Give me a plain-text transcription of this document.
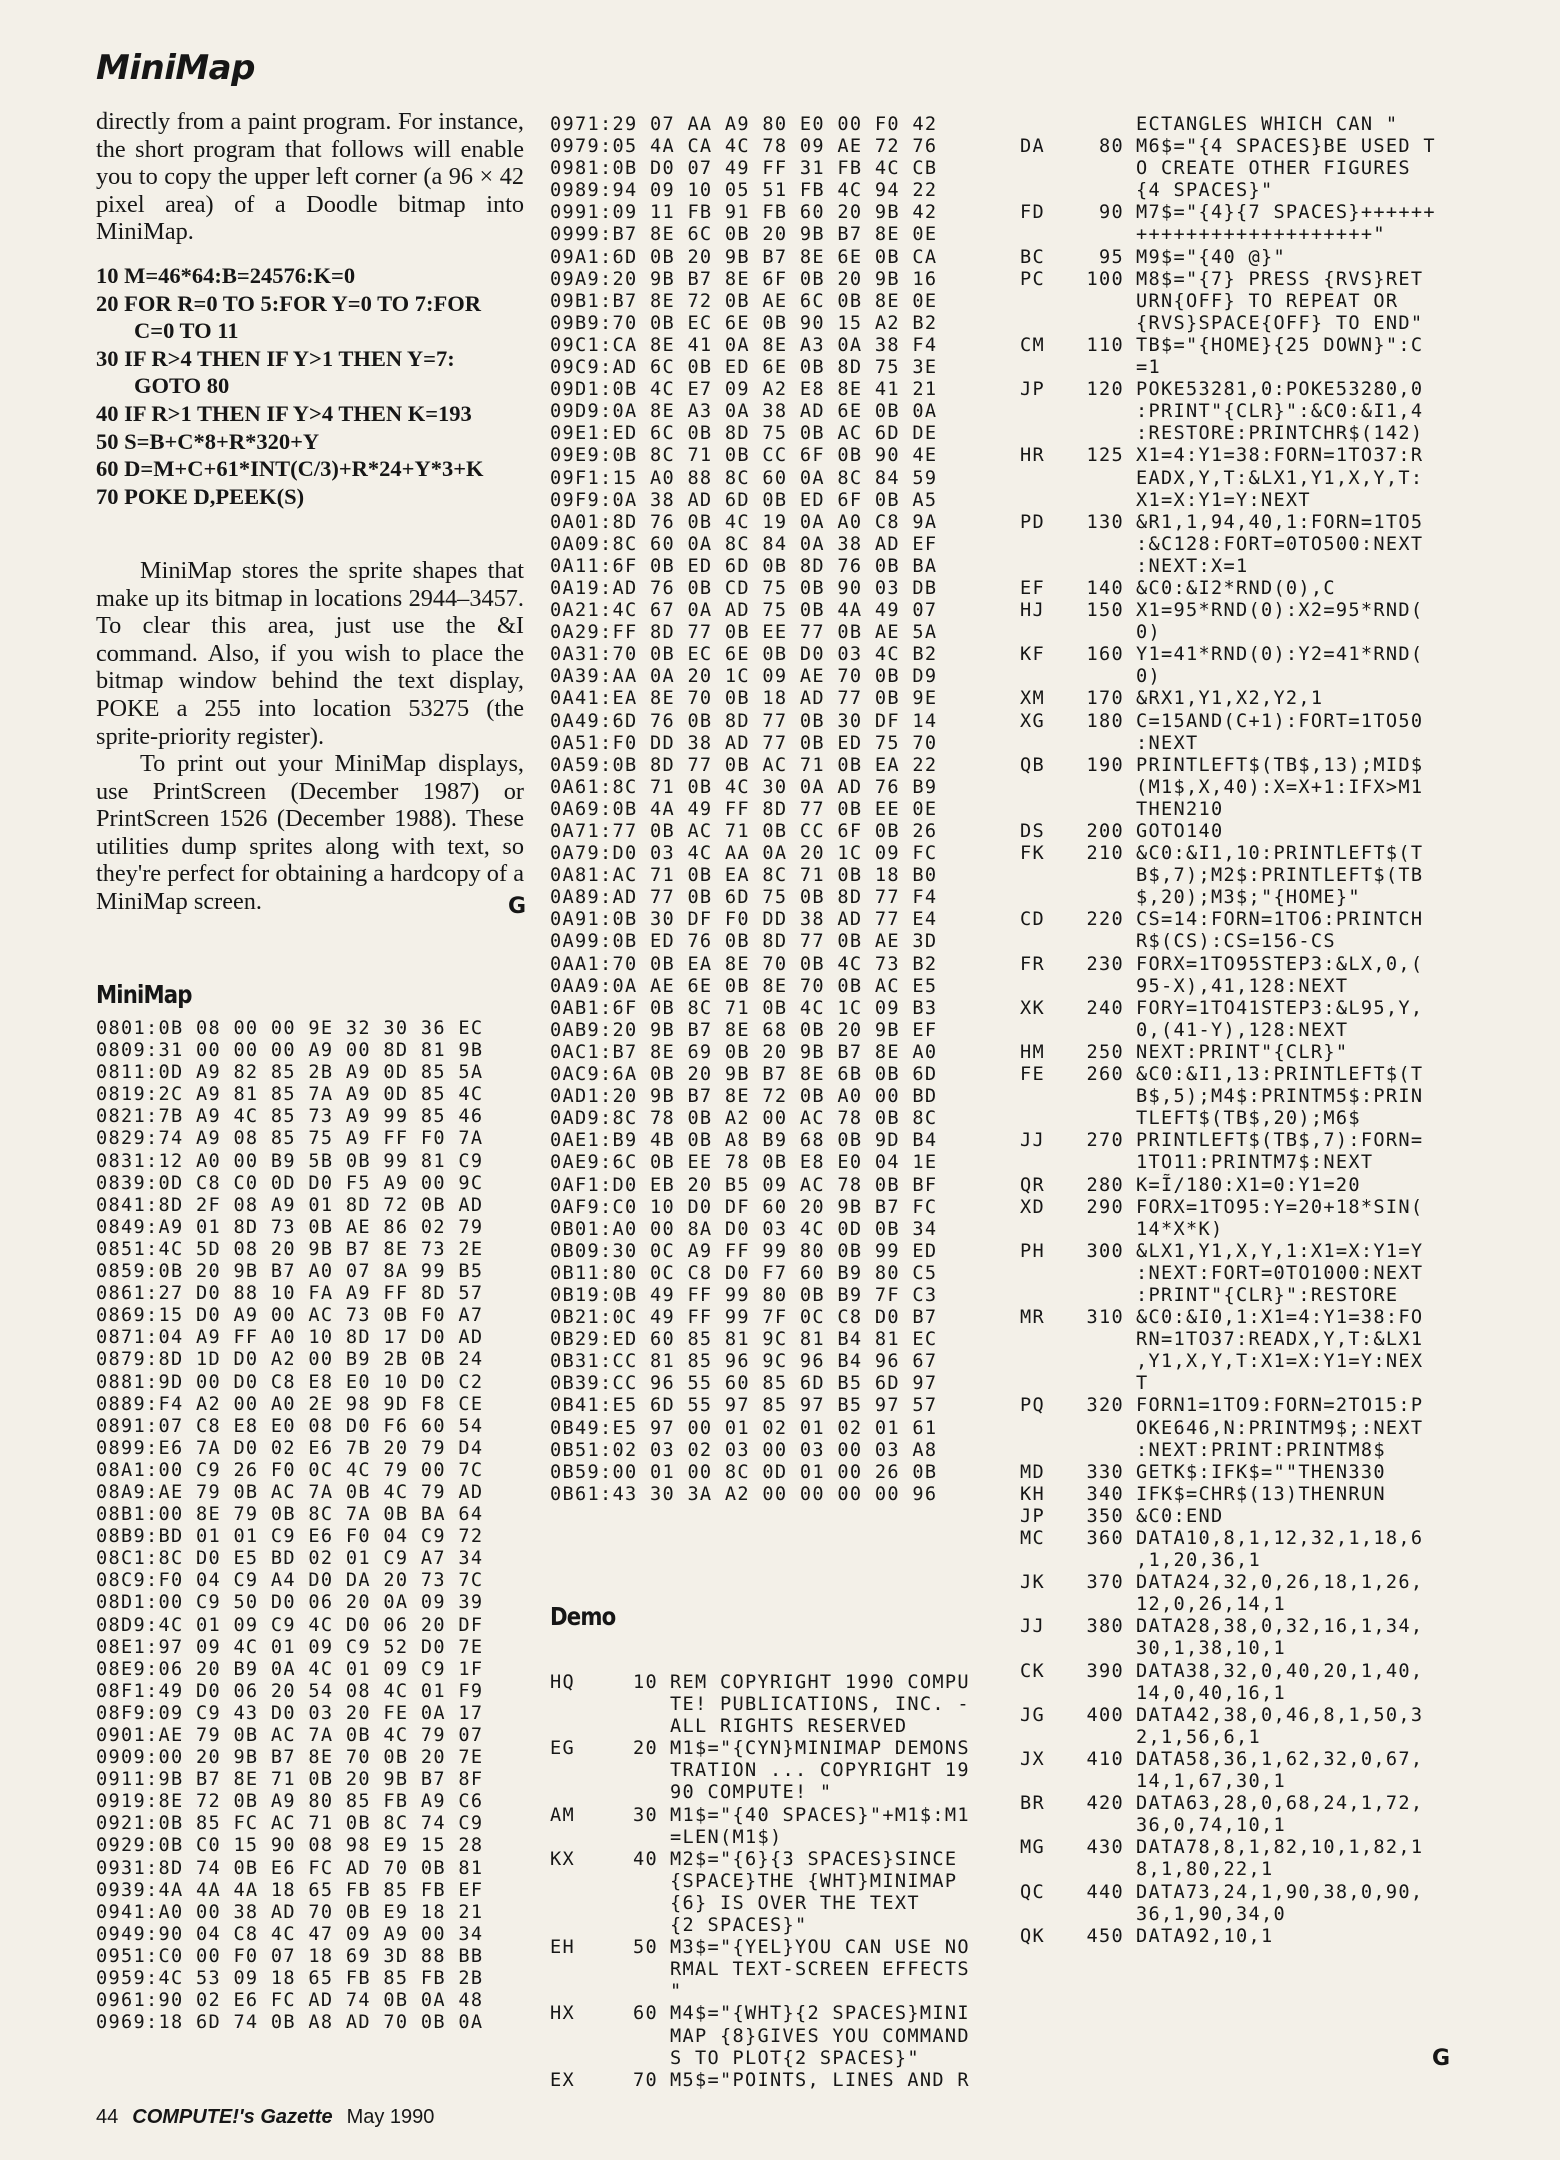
MiniMap

directly from a paint program. For instance, the short program that follows will enable you to copy the upper left corner (a 96 × 42 pixel area) of a Doodle bitmap into MiniMap.

10 M=46*64:B=24576:K=0
20 FOR R=0 TO 5:FOR Y=0 TO 7:FOR C=0 TO 11
30 IF R>4 THEN IF Y>1 THEN Y=7: GOTO 80
40 IF R>1 THEN IF Y>4 THEN K=193
50 S=B+C*8+R*320+Y
60 D=M+C+61*INT(C/3)+R*24+Y*3+K
70 POKE D,PEEK(S)

MiniMap stores the sprite shapes that make up its bitmap in locations 2944–3457. To clear this area, just use the &I command. Also, if you wish to place the bitmap window behind the text display, POKE a 255 into location 53275 (the sprite-priority register).

To print out your MiniMap displays, use PrintScreen (December 1987) or PrintScreen 1526 (December 1988). These utilities dump sprites along with text, so they're perfect for obtaining a hardcopy of a MiniMap screen.	G
MiniMap
0801:0B 08 00 00 9E 32 30 36 EC
0809:31 00 00 00 A9 00 8D 81 9B
0811:0D A9 82 85 2B A9 0D 85 5A
0819:2C A9 81 85 7A A9 0D 85 4C
0821:7B A9 4C 85 73 A9 99 85 46
0829:74 A9 08 85 75 A9 FF F0 7A
0831:12 A0 00 B9 5B 0B 99 81 C9
0839:0D C8 C0 0D D0 F5 A9 00 9C
0841:8D 2F 08 A9 01 8D 72 0B AD
0849:A9 01 8D 73 0B AE 86 02 79
0851:4C 5D 08 20 9B B7 8E 73 2E
0859:0B 20 9B B7 A0 07 8A 99 B5
0861:27 D0 88 10 FA A9 FF 8D 57
0869:15 D0 A9 00 AC 73 0B F0 A7
0871:04 A9 FF A0 10 8D 17 D0 AD
0879:8D 1D D0 A2 00 B9 2B 0B 24
0881:9D 00 D0 C8 E8 E0 10 D0 C2
0889:F4 A2 00 A0 2E 98 9D F8 CE
0891:07 C8 E8 E0 08 D0 F6 60 54
0899:E6 7A D0 02 E6 7B 20 79 D4
08A1:00 C9 26 F0 0C 4C 79 00 7C
08A9:AE 79 0B AC 7A 0B 4C 79 AD
08B1:00 8E 79 0B 8C 7A 0B BA 64
08B9:BD 01 01 C9 E6 F0 04 C9 72
08C1:8C D0 E5 BD 02 01 C9 A7 34
08C9:F0 04 C9 A4 D0 DA 20 73 7C
08D1:00 C9 50 D0 06 20 0A 09 39
08D9:4C 01 09 C9 4C D0 06 20 DF
08E1:97 09 4C 01 09 C9 52 D0 7E
08E9:06 20 B9 0A 4C 01 09 C9 1F
08F1:49 D0 06 20 54 08 4C 01 F9
08F9:09 C9 43 D0 03 20 FE 0A 17
0901:AE 79 0B AC 7A 0B 4C 79 07
0909:00 20 9B B7 8E 70 0B 20 7E
0911:9B B7 8E 71 0B 20 9B B7 8F
0919:8E 72 0B A9 80 85 FB A9 C6
0921:0B 85 FC AC 71 0B 8C 74 C9
0929:0B C0 15 90 08 98 E9 15 28
0931:8D 74 0B E6 FC AD 70 0B 81
0939:4A 4A 4A 18 65 FB 85 FB EF
0941:A0 00 38 AD 70 0B E9 18 21
0949:90 04 C8 4C 47 09 A9 00 34
0951:C0 00 F0 07 18 69 3D 88 BB
0959:4C 53 09 18 65 FB 85 FB 2B
0961:90 02 E6 FC AD 74 0B 0A 48
0969:18 6D 74 0B A8 AD 70 0B 0A
0971:29 07 AA A9 80 E0 00 F0 42
0979:05 4A CA 4C 78 09 AE 72 76
0981:0B D0 07 49 FF 31 FB 4C CB
0989:94 09 10 05 51 FB 4C 94 22
0991:09 11 FB 91 FB 60 20 9B 42
0999:B7 8E 6C 0B 20 9B B7 8E 0E
09A1:6D 0B 20 9B B7 8E 6E 0B CA
09A9:20 9B B7 8E 6F 0B 20 9B 16
09B1:B7 8E 72 0B AE 6C 0B 8E 0E
09B9:70 0B EC 6E 0B 90 15 A2 B2
09C1:CA 8E 41 0A 8E A3 0A 38 F4
09C9:AD 6C 0B ED 6E 0B 8D 75 3E
09D1:0B 4C E7 09 A2 E8 8E 41 21
09D9:0A 8E A3 0A 38 AD 6E 0B 0A
09E1:ED 6C 0B 8D 75 0B AC 6D DE
09E9:0B 8C 71 0B CC 6F 0B 90 4E
09F1:15 A0 88 8C 60 0A 8C 84 59
09F9:0A 38 AD 6D 0B ED 6F 0B A5
0A01:8D 76 0B 4C 19 0A A0 C8 9A
0A09:8C 60 0A 8C 84 0A 38 AD EF
0A11:6F 0B ED 6D 0B 8D 76 0B BA
0A19:AD 76 0B CD 75 0B 90 03 DB
0A21:4C 67 0A AD 75 0B 4A 49 07
0A29:FF 8D 77 0B EE 77 0B AE 5A
0A31:70 0B EC 6E 0B D0 03 4C B2
0A39:AA 0A 20 1C 09 AE 70 0B D9
0A41:EA 8E 70 0B 18 AD 77 0B 9E
0A49:6D 76 0B 8D 77 0B 30 DF 14
0A51:F0 DD 38 AD 77 0B ED 75 70
0A59:0B 8D 77 0B AC 71 0B EA 22
0A61:8C 71 0B 4C 30 0A AD 76 B9
0A69:0B 4A 49 FF 8D 77 0B EE 0E
0A71:77 0B AC 71 0B CC 6F 0B 26
0A79:D0 03 4C AA 0A 20 1C 09 FC
0A81:AC 71 0B EA 8C 71 0B 18 B0
0A89:AD 77 0B 6D 75 0B 8D 77 F4
0A91:0B 30 DF F0 DD 38 AD 77 E4
0A99:0B ED 76 0B 8D 77 0B AE 3D
0AA1:70 0B EA 8E 70 0B 4C 73 B2
0AA9:0A AE 6E 0B 8E 70 0B AC E5
0AB1:6F 0B 8C 71 0B 4C 1C 09 B3
0AB9:20 9B B7 8E 68 0B 20 9B EF
0AC1:B7 8E 69 0B 20 9B B7 8E A0
0AC9:6A 0B 20 9B B7 8E 6B 0B 6D
0AD1:20 9B B7 8E 72 0B A0 00 BD
0AD9:8C 78 0B A2 00 AC 78 0B 8C
0AE1:B9 4B 0B A8 B9 68 0B 9D B4
0AE9:6C 0B EE 78 0B E8 E0 04 1E
0AF1:D0 EB 20 B5 09 AC 78 0B BF
0AF9:C0 10 D0 DF 60 20 9B B7 FC
0B01:A0 00 8A D0 03 4C 0D 0B 34
0B09:30 0C A9 FF 99 80 0B 99 ED
0B11:80 0C C8 D0 F7 60 B9 80 C5
0B19:0B 49 FF 99 80 0B B9 7F C3
0B21:0C 49 FF 99 7F 0C C8 D0 B7
0B29:ED 60 85 81 9C 81 B4 81 EC
0B31:CC 81 85 96 9C 96 B4 96 67
0B39:CC 96 55 60 85 6D B5 6D 97
0B41:E5 6D 55 97 85 97 B5 97 57
0B49:E5 97 00 01 02 01 02 01 61
0B51:02 03 02 03 00 03 00 03 A8
0B59:00 01 00 8C 0D 01 00 26 0B
0B61:43 30 3A A2 00 00 00 00 96
Demo
HQ	10 REM COPYRIGHT 1990 COMPU
TE! PUBLICATIONS, INC. -
ALL RIGHTS RESERVED
EG	20 M1$="{CYN}MINIMAP DEMONS
TRATION ... COPYRIGHT 19
90 COMPUTE! "
AM	30 M1$="{40 SPACES}"+M1$:M1
=LEN(M1$)
KX	40 M2$="{6}{3 SPACES}SINCE
{SPACE}THE {WHT}MINIMAP
{6} IS OVER THE TEXT
{2 SPACES}"
EH	50 M3$="{YEL}YOU CAN USE NO
RMAL TEXT-SCREEN EFFECTS
"
HX	60 M4$="{WHT}{2 SPACES}MINI
MAP {8}GIVES YOU COMMAND
S TO PLOT{2 SPACES}"
EX	70 M5$="POINTS, LINES AND R
ECTANGLES WHICH CAN "
DA	80 M6$="{4 SPACES}BE USED T
O CREATE OTHER FIGURES
{4 SPACES}"
FD	90 M7$="{4}{7 SPACES}++++++
+++++++++++++++++++"
BC	95 M9$="{40 @}"
PC	100 M8$="{7} PRESS {RVS}RET
URN{OFF} TO REPEAT OR
{RVS}SPACE{OFF} TO END"
CM	110 TB$="{HOME}{25 DOWN}":C
=1
JP	120 POKE53281,0:POKE53280,0
:PRINT"{CLR}":&C0:&I1,4
:RESTORE:PRINTCHR$(142)
HR	125 X1=4:Y1=38:FORN=1TO37:R
EADX,Y,T:&LX1,Y1,X,Y,T:
X1=X:Y1=Y:NEXT
PD	130 &R1,1,94,40,1:FORN=1TO5
:&C128:FORT=0TO500:NEXT
:NEXT:X=1
EF	140 &C0:&I2*RND(0),C
HJ	150 X1=95*RND(0):X2=95*RND(
0)
KF	160 Y1=41*RND(0):Y2=41*RND(
0)
XM	170 &RX1,Y1,X2,Y2,1
XG	180 C=15AND(C+1):FORT=1TO50
:NEXT
QB	190 PRINTLEFT$(TB$,13);MID$
(M1$,X,40):X=X+1:IFX>M1
THEN210
DS	200 GOTO140
FK	210 &C0:&I1,10:PRINTLEFT$(T
B$,7);M2$:PRINTLEFT$(TB
$,20);M3$;"{HOME}"
CD	220 CS=14:FORN=1TO6:PRINTCH
R$(CS):CS=156-CS
FR	230 FORX=1TO95STEP3:&LX,0,(
95-X),41,128:NEXT
XK	240 FORY=1TO41STEP3:&L95,Y,
0,(41-Y),128:NEXT
HM	250 NEXT:PRINT"{CLR}"
FE	260 &C0:&I1,13:PRINTLEFT$(T
B$,5);M4$:PRINTM5$:PRIN
TLEFT$(TB$,20);M6$
JJ	270 PRINTLEFT$(TB$,7):FORN=
1TO11:PRINTM7$:NEXT
QR	280 K=Ĩ/180:X1=0:Y1=20
XD	290 FORX=1TO95:Y=20+18*SIN(
14*X*K)
PH	300 &LX1,Y1,X,Y,1:X1=X:Y1=Y
:NEXT:FORT=0TO1000:NEXT
:PRINT"{CLR}":RESTORE
MR	310 &C0:&I0,1:X1=4:Y1=38:FO
RN=1TO37:READX,Y,T:&LX1
,Y1,X,Y,T:X1=X:Y1=Y:NEX
T
PQ	320 FORN1=1TO9:FORN=2TO15:P
OKE646,N:PRINTM9$;:NEXT
:NEXT:PRINT:PRINTM8$
MD	330 GETK$:IFK$=""THEN330
KH	340 IFK$=CHR$(13)THENRUN
JP	350 &C0:END
MC	360 DATA10,8,1,12,32,1,18,6
,1,20,36,1
JK	370 DATA24,32,0,26,18,1,26,
12,0,26,14,1
JJ	380 DATA28,38,0,32,16,1,34,
30,1,38,10,1
CK	390 DATA38,32,0,40,20,1,40,
14,0,40,16,1
JG	400 DATA42,38,0,46,8,1,50,3
2,1,56,6,1
JX	410 DATA58,36,1,62,32,0,67,
14,1,67,30,1
BR	420 DATA63,28,0,68,24,1,72,
36,0,74,10,1
MG	430 DATA78,8,1,82,10,1,82,1
8,1,80,22,1
QC	440 DATA73,24,1,90,38,0,90,
36,1,90,34,0
QK	450 DATA92,10,1
G
44 COMPUTE!'s Gazette May 1990
